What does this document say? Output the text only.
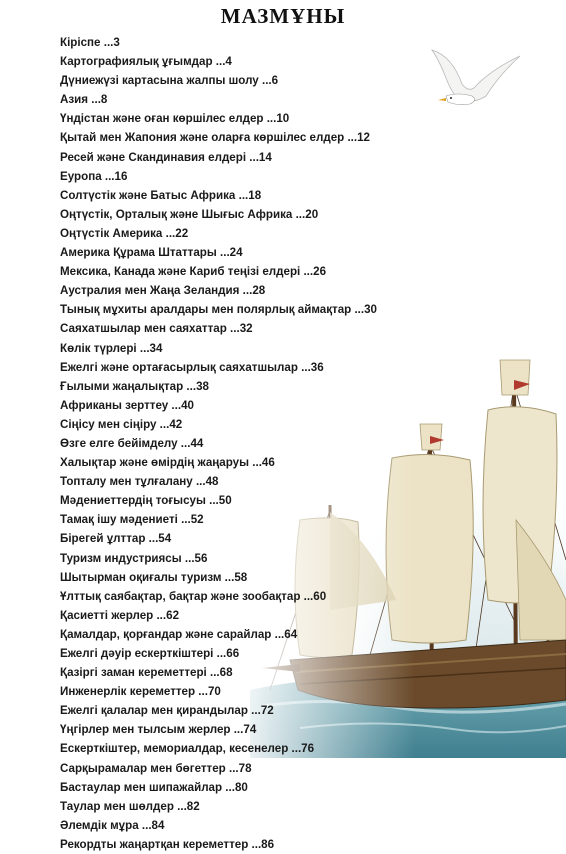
МАЗМҰНЫ
Кіріспе ...3
Картографиялық ұғымдар ...4
Дүниежүзі картасына жалпы шолу ...6
Азия ...8
Үндістан және оған көршілес елдер ...10
Қытай мен Жапония және оларға көршілес елдер ...12
Ресей және Скандинавия елдері ...14
Еуропа ...16
Солтүстік және Батыс Африка ...18
Оңтүстік, Орталық және Шығыс Африка ...20
Оңтүстік Америка ...22
Америка Құрама Штаттары ...24
Мексика, Канада және Кариб теңізі елдері ...26
Аустралия мен Жаңа Зеландия ...28
Тынық мұхиты аралдары мен полярлық аймақтар ...30
Саяхатшылар мен саяхаттар ...32
Көлік түрлері ...34
Ежелгі және ортағасырлық саяхатшылар ...36
Ғылыми жаңалықтар ...38
Африканы зерттеу ...40
Сіңісу мен сіңіру ...42
Өзге елге бейімделу ...44
Халықтар және өмірдің жаңаруы ...46
Топталу мен тұлғалану ...48
Мәдениеттердің тоғысуы ...50
Тамақ ішу мәдениеті ...52
Бірегей ұлттар ...54
Туризм индустриясы ...56
Шытырман оқиғалы туризм ...58
Ұлттық саябақтар, бақтар және зообақтар ...60
Қасиетті жерлер ...62
Қамалдар, қорғандар және сарайлар ...64
Ежелгі дәуір ескерткіштері ...66
Қазіргі заман кереметтері ...68
Инженерлік кереметтер ...70
Ежелгі қалалар мен қирандылар ...72
Үңгірлер мен тылсым жерлер ...74
Ескерткіштер, мемориалдар, кесенелер ...76
Сарқырамалар мен бөгеттер ...78
Бастаулар мен шипажайлар ...80
Таулар мен шөлдер ...82
Әлемдік мұра ...84
Рекордты жаңартқан кереметтер ...86
